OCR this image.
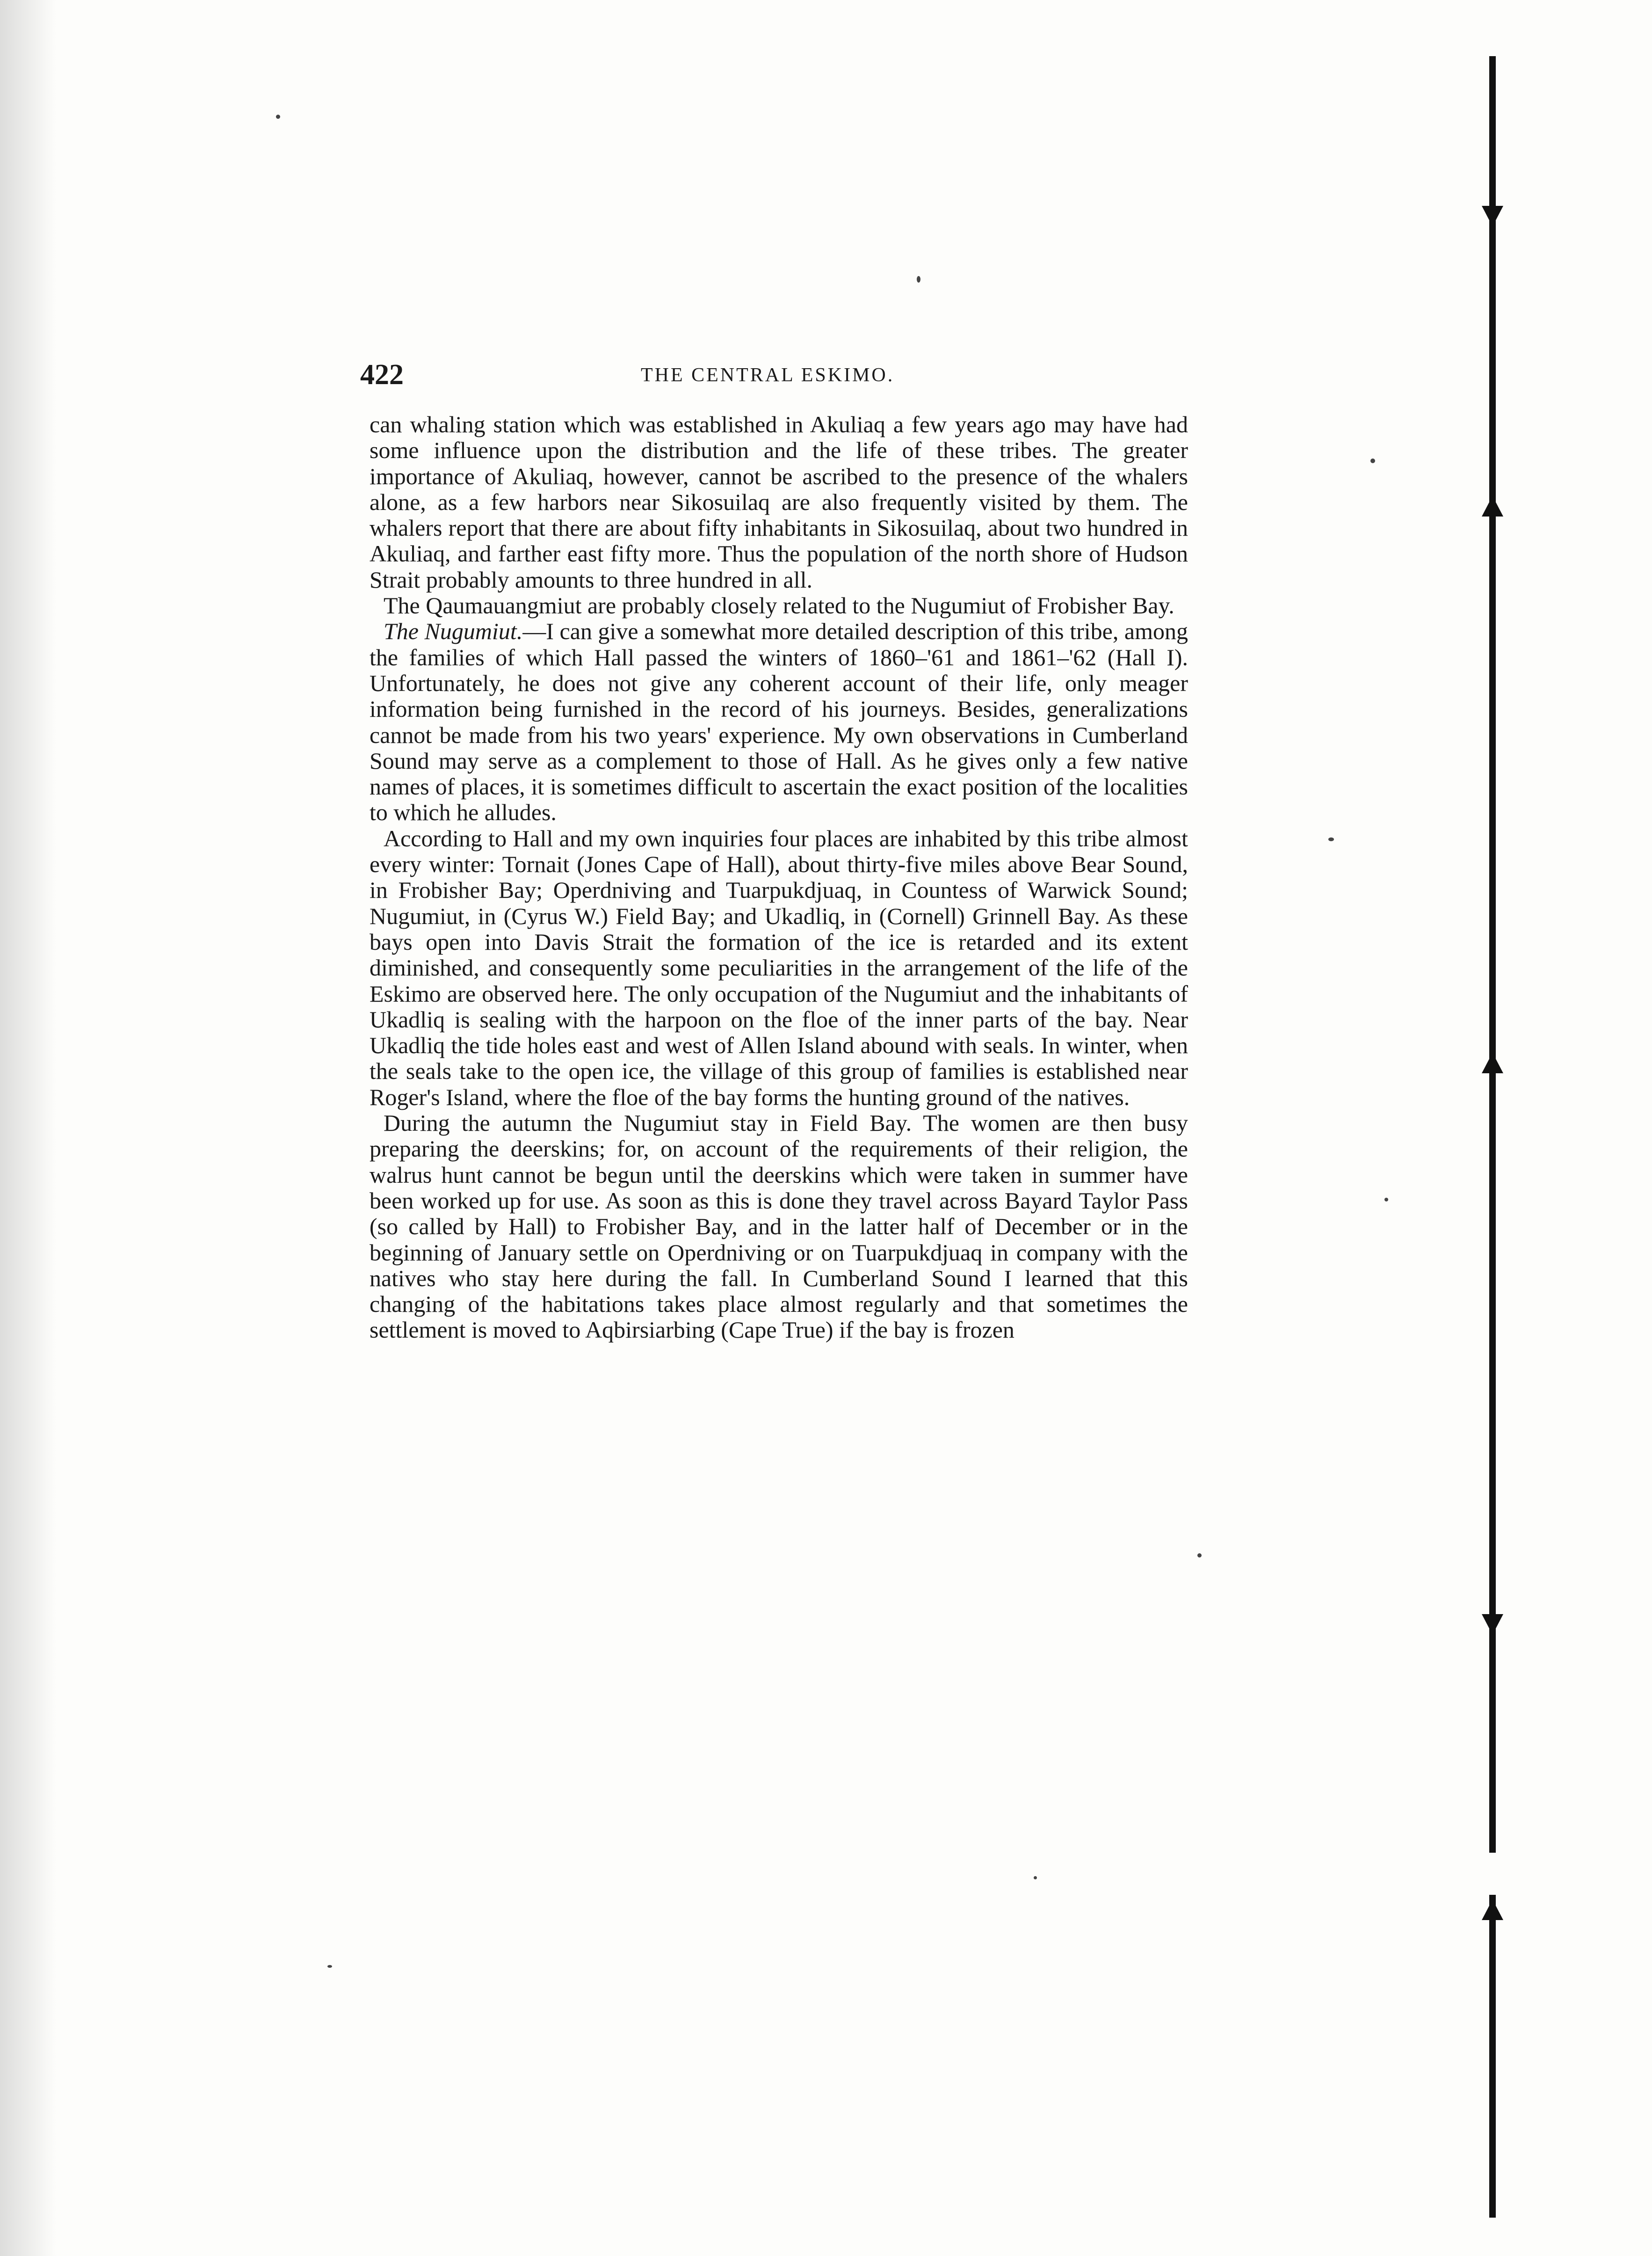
422	THE CENTRAL ESKIMO.

can whaling station which was established in Akuliaq a few years ago may have had some influence upon the distribution and the life of these tribes. The greater importance of Akuliaq, however, cannot be ascribed to the presence of the whalers alone, as a few harbors near Sikosuilaq are also frequently visited by them. The whalers report that there are about fifty inhabitants in Sikosuilaq, about two hundred in Akuliaq, and farther east fifty more. Thus the population of the north shore of Hudson Strait probably amounts to three hundred in all.

The Qaumauangmiut are probably closely related to the Nugumiut of Frobisher Bay.

The Nugumiut.—I can give a somewhat more detailed description of this tribe, among the families of which Hall passed the winters of 1860–'61 and 1861–'62 (Hall I). Unfortunately, he does not give any coherent account of their life, only meager information being furnished in the record of his journeys. Besides, generalizations cannot be made from his two years' experience. My own observations in Cumberland Sound may serve as a complement to those of Hall. As he gives only a few native names of places, it is sometimes difficult to ascertain the exact position of the localities to which he alludes.

According to Hall and my own inquiries four places are inhabited by this tribe almost every winter: Tornait (Jones Cape of Hall), about thirty-five miles above Bear Sound, in Frobisher Bay; Operdniving and Tuarpukdjuaq, in Countess of Warwick Sound; Nugumiut, in (Cyrus W.) Field Bay; and Ukadliq, in (Cornell) Grinnell Bay. As these bays open into Davis Strait the formation of the ice is retarded and its extent diminished, and consequently some peculiarities in the arrangement of the life of the Eskimo are observed here. The only occupation of the Nugumiut and the inhabitants of Ukadliq is sealing with the harpoon on the floe of the inner parts of the bay. Near Ukadliq the tide holes east and west of Allen Island abound with seals. In winter, when the seals take to the open ice, the village of this group of families is established near Roger's Island, where the floe of the bay forms the hunting ground of the natives.

During the autumn the Nugumiut stay in Field Bay. The women are then busy preparing the deerskins; for, on account of the requirements of their religion, the walrus hunt cannot be begun until the deerskins which were taken in summer have been worked up for use. As soon as this is done they travel across Bayard Taylor Pass (so called by Hall) to Frobisher Bay, and in the latter half of December or in the beginning of January settle on Operdniving or on Tuarpukdjuaq in company with the natives who stay here during the fall. In Cumberland Sound I learned that this changing of the habitations takes place almost regularly and that sometimes the settlement is moved to Aqbirsiarbing (Cape True) if the bay is frozen
